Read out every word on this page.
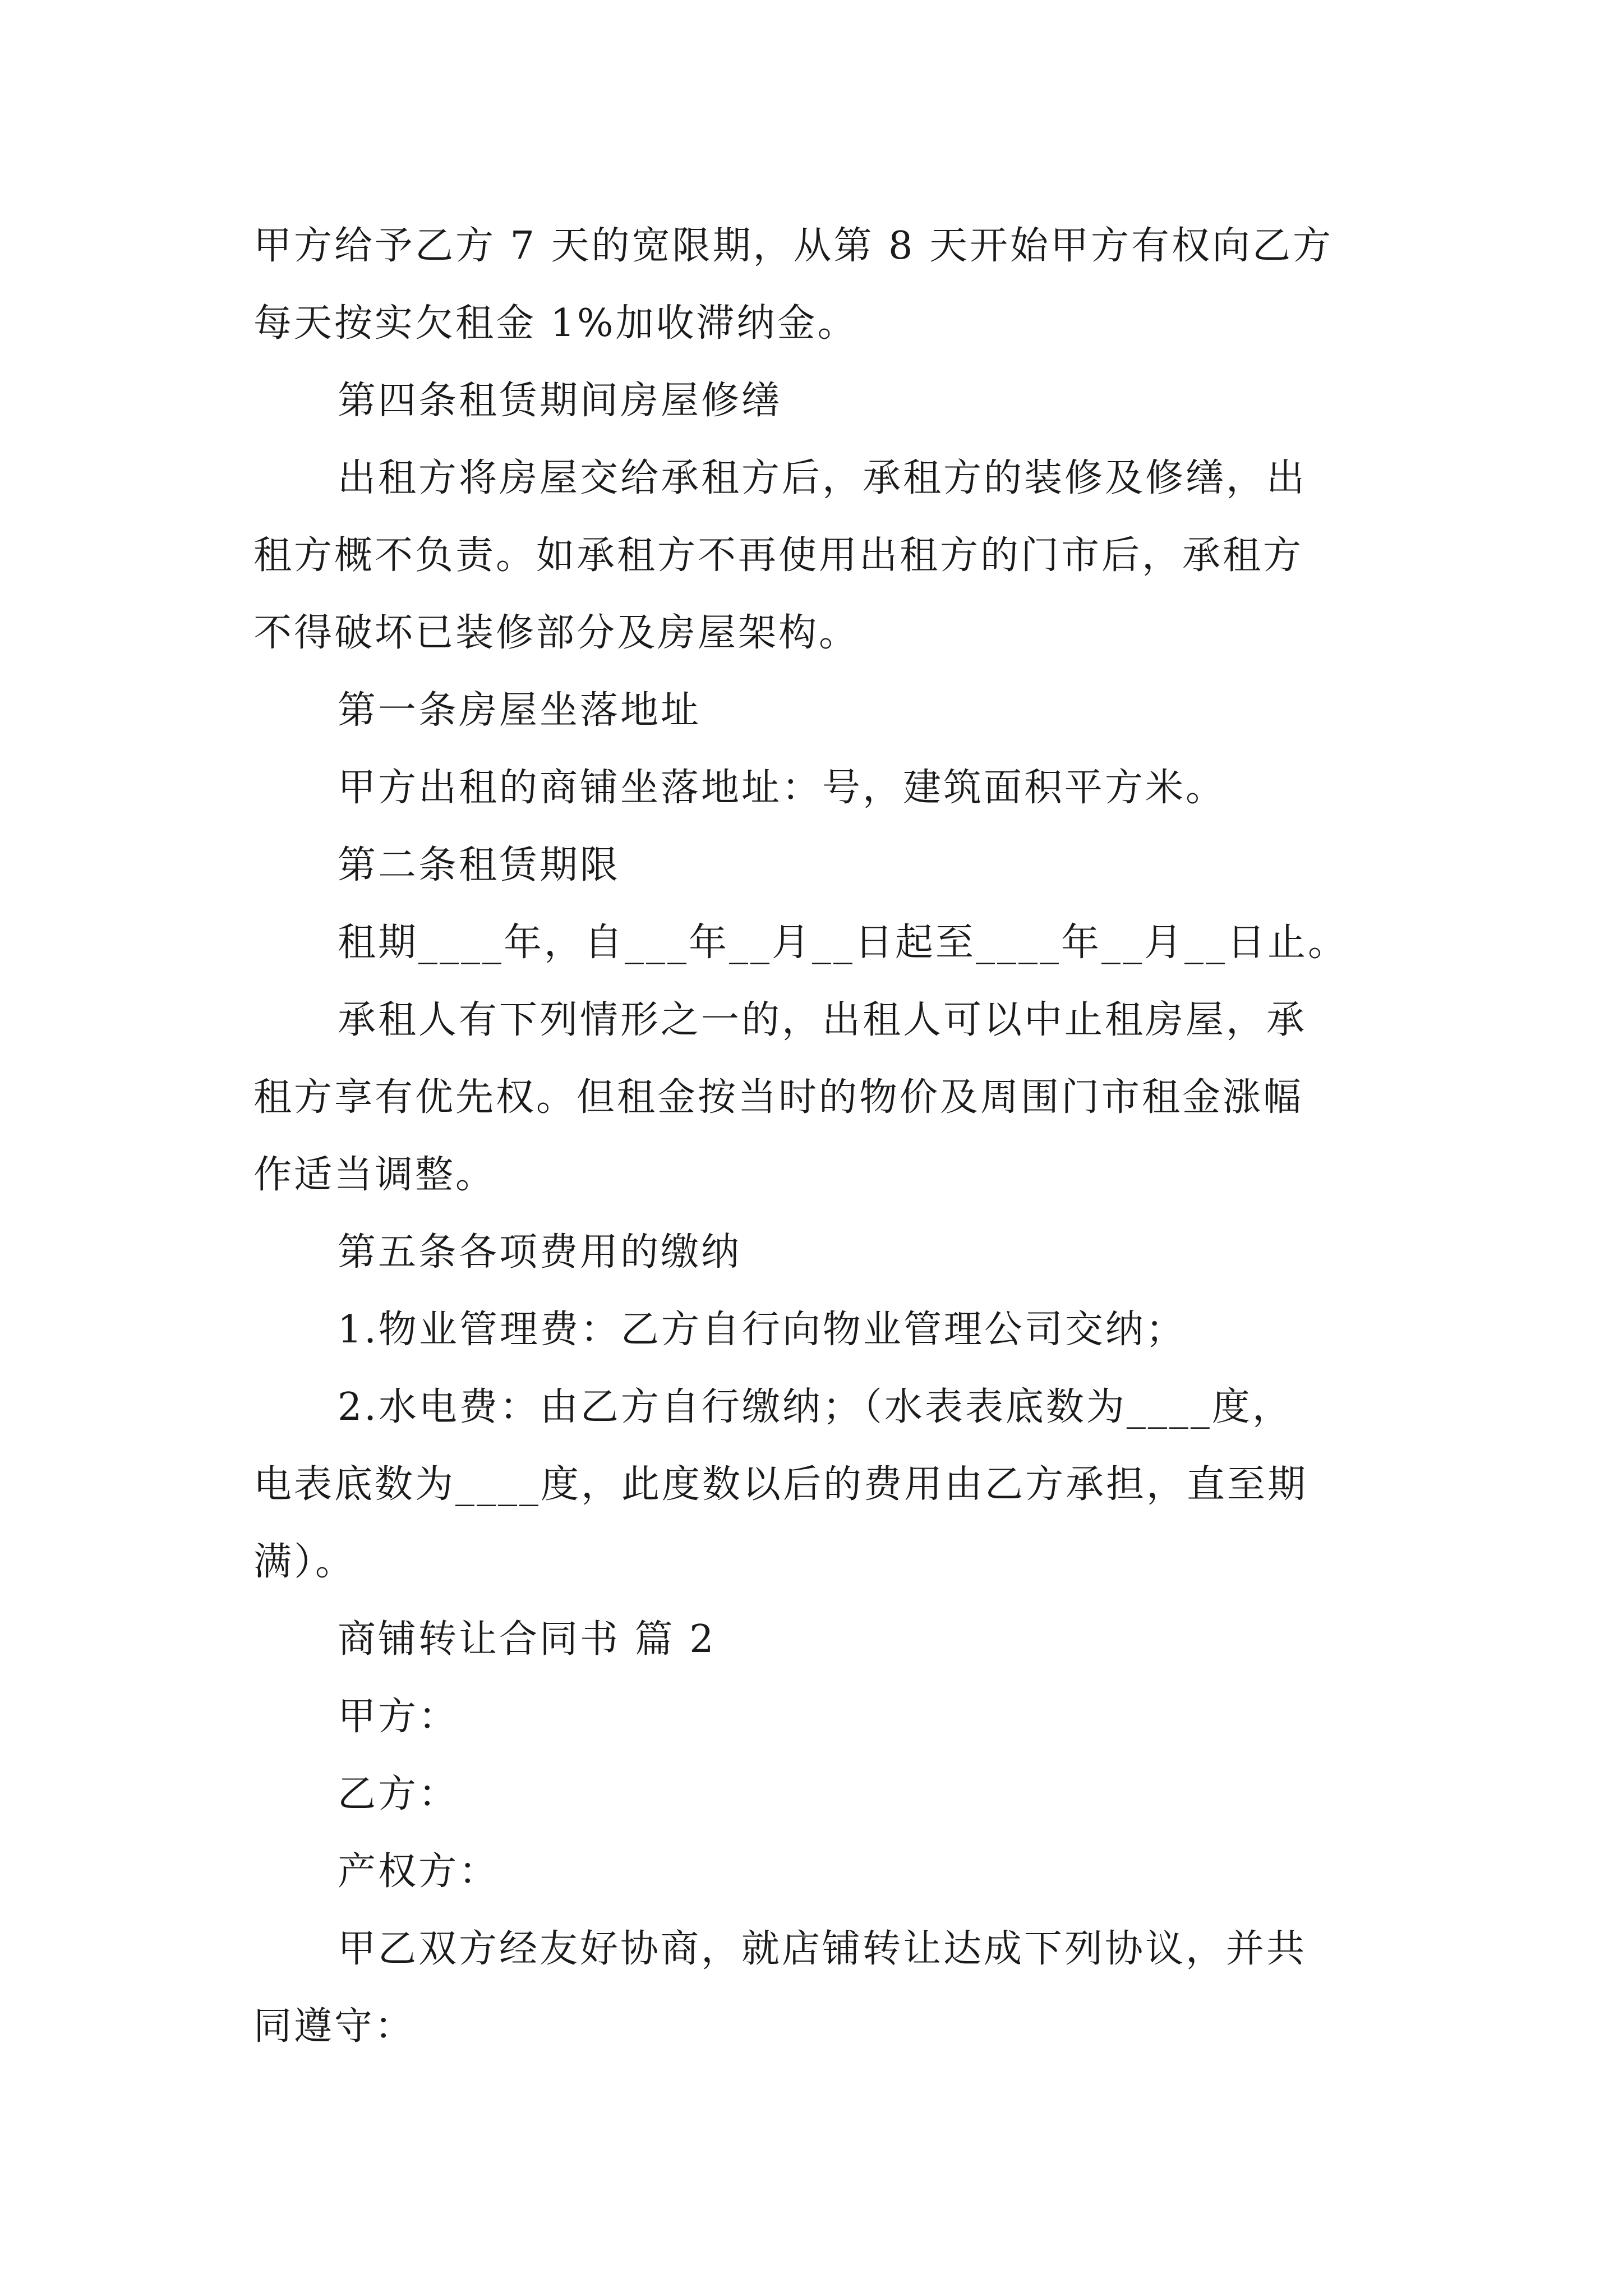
甲方给予乙方 7 天的宽限期，从第 8 天开始甲方有权向乙方
每天按实欠租金 1%加收滞纳金。
第四条租赁期间房屋修缮
出租方将房屋交给承租方后，承租方的装修及修缮，出
租方概不负责。如承租方不再使用出租方的门市后，承租方
不得破坏已装修部分及房屋架构。
第一条房屋坐落地址
甲方出租的商铺坐落地址：号，建筑面积平方米。
第二条租赁期限
租期____年，自___年__月__日起至____年__月__日止。
承租人有下列情形之一的，出租人可以中止租房屋，承
租方享有优先权。但租金按当时的物价及周围门市租金涨幅
作适当调整。
第五条各项费用的缴纳
1.物业管理费：乙方自行向物业管理公司交纳；
2.水电费：由乙方自行缴纳；（水表表底数为____度，
电表底数为____度，此度数以后的费用由乙方承担，直至期
满）。
商铺转让合同书 篇 2
甲方：
乙方：
产权方：
甲乙双方经友好协商，就店铺转让达成下列协议，并共
同遵守：
